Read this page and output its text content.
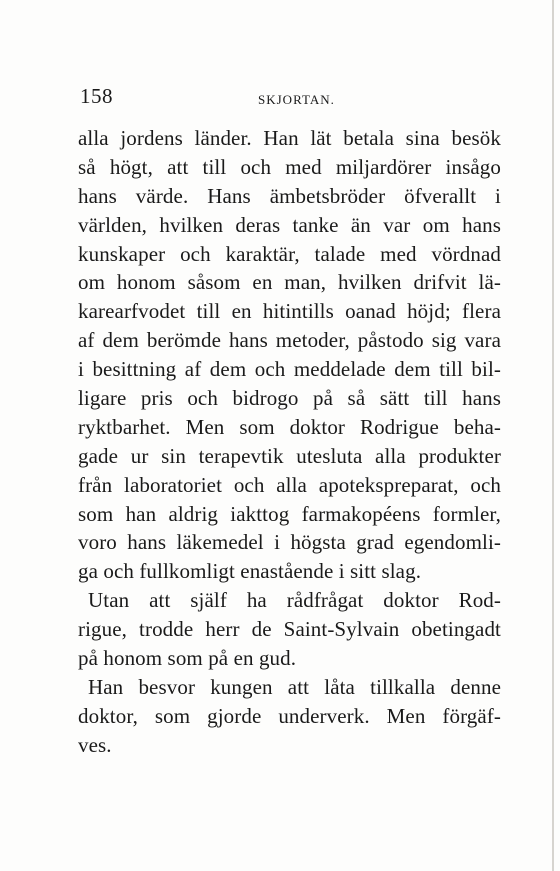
158	SKJORTAN.
alla jordens länder. Han lät betala sina besök
så högt, att till och med miljardörer insågo
hans värde. Hans ämbetsbröder öfverallt i
världen, hvilken deras tanke än var om hans
kunskaper och karaktär, talade med vördnad
om honom såsom en man, hvilken drifvit lä-
karearfvodet till en hitintills oanad höjd; flera
af dem berömde hans metoder, påstodo sig vara
i besittning af dem och meddelade dem till bil-
ligare pris och bidrogo på så sätt till hans
ryktbarhet. Men som doktor Rodrigue beha-
gade ur sin terapevtik utesluta alla produkter
från laboratoriet och alla apotekspreparat, och
som han aldrig iakttog farmakopéens formler,
voro hans läkemedel i högsta grad egendomli-
ga och fullkomligt enastående i sitt slag.
Utan att själf ha rådfrågat doktor Rod-
rigue, trodde herr de Saint-Sylvain obetingadt
på honom som på en gud.
Han besvor kungen att låta tillkalla denne
doktor, som gjorde underverk. Men förgäf-
ves.
